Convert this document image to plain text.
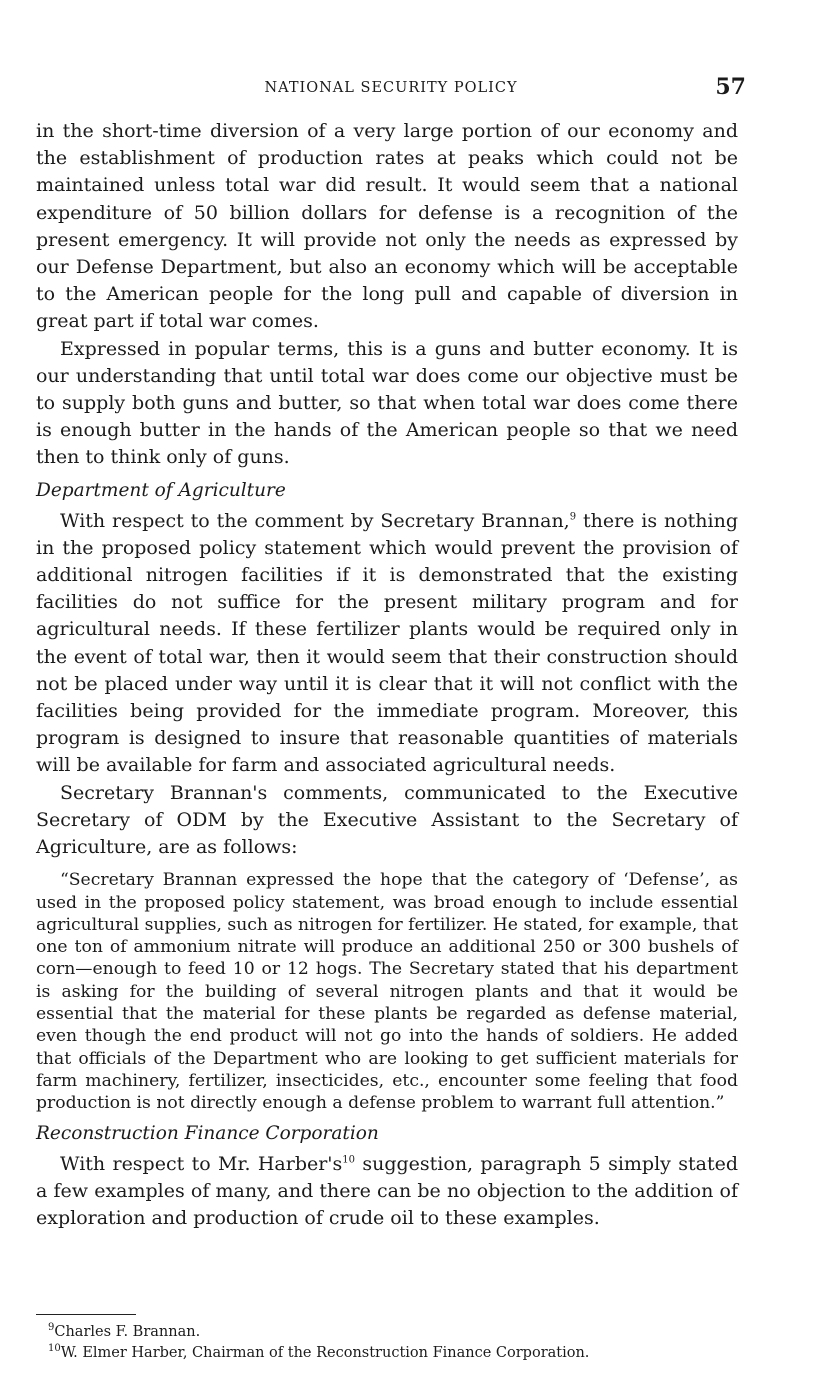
NATIONAL SECURITY POLICY	57

in the short-time diversion of a very large portion of our economy and the establishment of production rates at peaks which could not be maintained unless total war did result. It would seem that a national expenditure of 50 billion dollars for defense is a recognition of the present emergency. It will provide not only the needs as expressed by our Defense Department, but also an economy which will be acceptable to the American people for the long pull and capable of diversion in great part if total war comes.

Expressed in popular terms, this is a guns and butter economy. It is our understanding that until total war does come our objective must be to supply both guns and butter, so that when total war does come there is enough butter in the hands of the American people so that we need then to think only of guns.

Department of Agriculture

With respect to the comment by Secretary Brannan,$^9$ there is nothing in the proposed policy statement which would prevent the provision of additional nitrogen facilities if it is demonstrated that the existing facilities do not suffice for the present military program and for agricultural needs. If these fertilizer plants would be required only in the event of total war, then it would seem that their construction should not be placed under way until it is clear that it will not conflict with the facilities being provided for the immediate program. Moreover, this program is designed to insure that reasonable quantities of materials will be available for farm and associated agricultural needs.

Secretary Brannan's comments, communicated to the Executive Secretary of ODM by the Executive Assistant to the Secretary of Agriculture, are as follows:

“Secretary Brannan expressed the hope that the category of ‘Defense’, as used in the proposed policy statement, was broad enough to include essential agricultural supplies, such as nitrogen for fertilizer. He stated, for example, that one ton of ammonium nitrate will produce an additional 250 or 300 bushels of corn—enough to feed 10 or 12 hogs. The Secretary stated that his department is asking for the building of several nitrogen plants and that it would be essential that the material for these plants be regarded as defense material, even though the end product will not go into the hands of soldiers. He added that officials of the Department who are looking to get sufficient materials for farm machinery, fertilizer, insecticides, etc., encounter some feeling that food production is not directly enough a defense problem to warrant full attention.”
Reconstruction Finance Corporation

With respect to Mr. $Harber's^{10}$ suggestion, paragraph 5 simply stated a few examples of many, and there can be no objection to the addition of exploration and production of crude oil to these examples.

$^9$Charles F. Brannan.
$^{10}$W. Elmer Harber, Chairman of the Reconstruction Finance Corporation.
